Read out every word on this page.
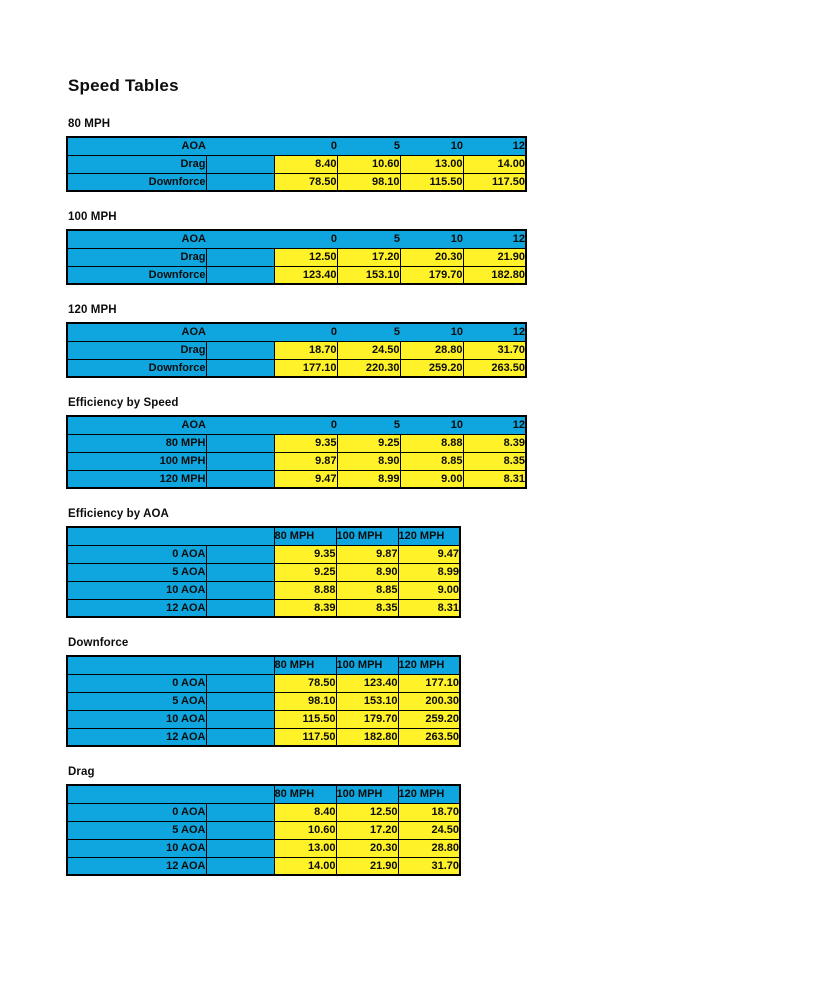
Speed Tables
80 MPH
AOA		0	5	10	12
Drag		8.40	10.60	13.00	14.00
Downforce		78.50	98.10	115.50	117.50
100 MPH
AOA		0	5	10	12
Drag		12.50	17.20	20.30	21.90
Downforce		123.40	153.10	179.70	182.80
120 MPH
AOA		0	5	10	12
Drag		18.70	24.50	28.80	31.70
Downforce		177.10	220.30	259.20	263.50
Efficiency by Speed
AOA		0	5	10	12
80 MPH		9.35	9.25	8.88	8.39
100 MPH		9.87	8.90	8.85	8.35
120 MPH		9.47	8.99	9.00	8.31
Efficiency by AOA
		80 MPH	100 MPH	120 MPH
0 AOA		9.35	9.87	9.47
5 AOA		9.25	8.90	8.99
10 AOA		8.88	8.85	9.00
12 AOA		8.39	8.35	8.31
Downforce
		80 MPH	100 MPH	120 MPH
0 AOA		78.50	123.40	177.10
5 AOA		98.10	153.10	200.30
10 AOA		115.50	179.70	259.20
12 AOA		117.50	182.80	263.50
Drag
		80 MPH	100 MPH	120 MPH
0 AOA		8.40	12.50	18.70
5 AOA		10.60	17.20	24.50
10 AOA		13.00	20.30	28.80
12 AOA		14.00	21.90	31.70
